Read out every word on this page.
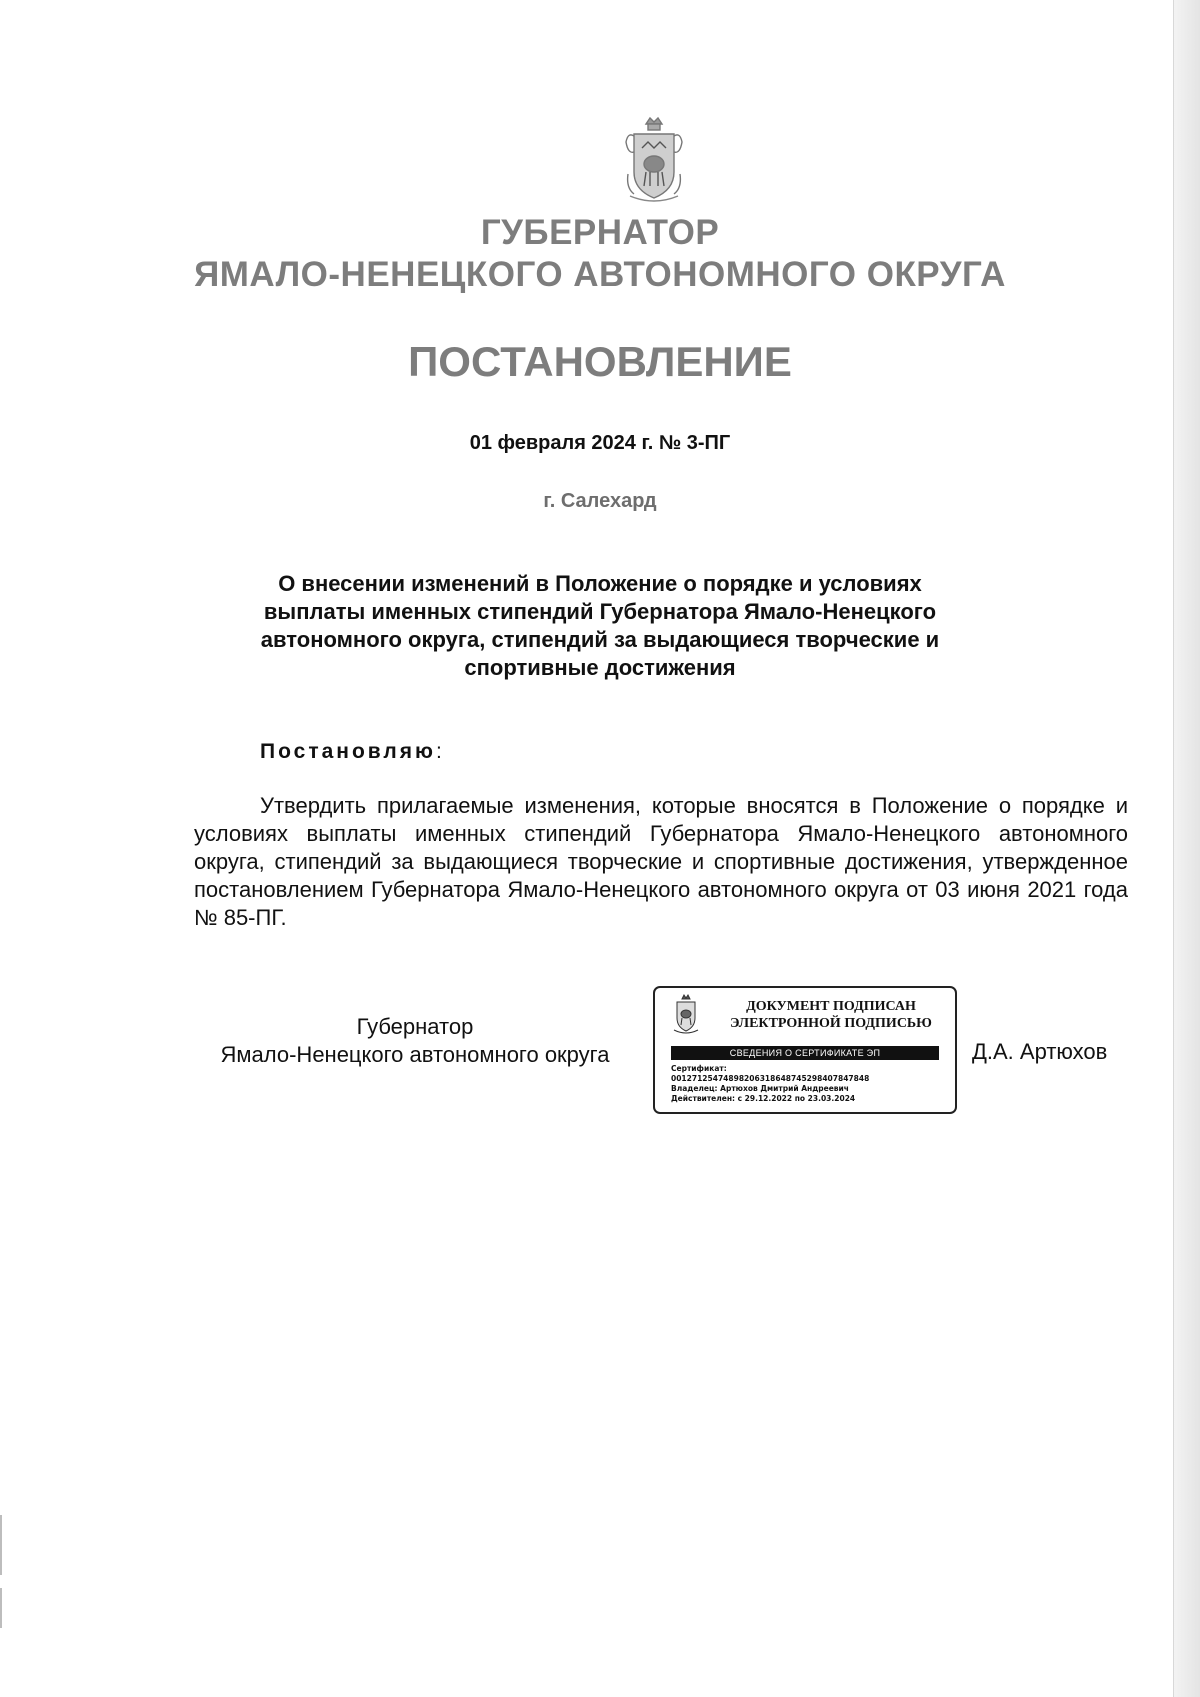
ГУБЕРНАТОР
ЯМАЛО-НЕНЕЦКОГО АВТОНОМНОГО ОКРУГА
ПОСТАНОВЛЕНИЕ
01 февраля 2024 г. № 3-ПГ
г. Салехард

О внесении изменений в Положение о порядке и условиях выплаты именных стипендий Губернатора Ямало-Ненецкого автономного округа, стипендий за выдающиеся творческие и спортивные достижения

Постановляю:

Утвердить прилагаемые изменения, которые вносятся в Положение о порядке и условиях выплаты именных стипендий Губернатора Ямало-Ненецкого автономного округа, стипендий за выдающиеся творческие и спортивные достижения, утвержденное постановлением Губернатора Ямало-Ненецкого автономного округа от 03 июня 2021 года № 85-ПГ.

Губернатор
Ямало-Ненецкого автономного округа
ДОКУМЕНТ ПОДПИСАН
ЭЛЕКТРОННОЙ ПОДПИСЬЮ
СВЕДЕНИЯ О СЕРТИФИКАТЕ ЭП
Сертификат:
00127125474898206318648745298407847848
Владелец: Артюхов Дмитрий Андреевич
Действителен: с 29.12.2022 по 23.03.2024
Д.А. Артюхов
